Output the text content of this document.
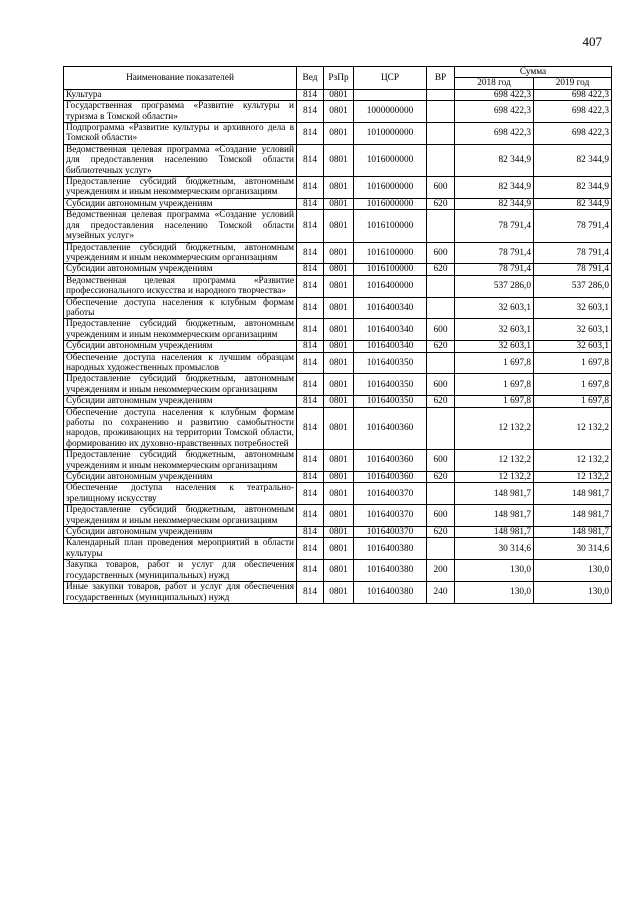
407
Наименование показателей	Вед	РзПр	ЦСР	ВР	Сумма	
					2018 год	2019 год
Культура	814	0801			698 422,3	698 422,3
Государственная программа «Развитие культуры и туризма в Томской области»	814	0801	1000000000		698 422,3	698 422,3
Подпрограмма «Развитие культуры и архивного дела в Томской области»	814	0801	1010000000		698 422,3	698 422,3
Ведомственная целевая программа «Создание условий для предоставления населению Томской области библиотечных услуг»	814	0801	1016000000		82 344,9	82 344,9
Предоставление субсидий бюджетным, автономным учреждениям и иным некоммерческим организациям	814	0801	1016000000	600	82 344,9	82 344,9
Субсидии автономным учреждениям	814	0801	1016000000	620	82 344,9	82 344,9
Ведомственная целевая программа «Создание условий для предоставления населению Томской области музейных услуг»	814	0801	1016100000		78 791,4	78 791,4
Предоставление субсидий бюджетным, автономным учреждениям и иным некоммерческим организациям	814	0801	1016100000	600	78 791,4	78 791,4
Субсидии автономным учреждениям	814	0801	1016100000	620	78 791,4	78 791,4
Ведомственная целевая программа «Развитие профессионального искусства и народного творчества»	814	0801	1016400000		537 286,0	537 286,0
Обеспечение доступа населения к клубным формам работы	814	0801	1016400340		32 603,1	32 603,1
Предоставление субсидий бюджетным, автономным учреждениям и иным некоммерческим организациям	814	0801	1016400340	600	32 603,1	32 603,1
Субсидии автономным учреждениям	814	0801	1016400340	620	32 603,1	32 603,1
Обеспечение доступа населения к лучшим образцам народных художественных промыслов	814	0801	1016400350		1 697,8	1 697,8
Предоставление субсидий бюджетным, автономным учреждениям и иным некоммерческим организациям	814	0801	1016400350	600	1 697,8	1 697,8
Субсидии автономным учреждениям	814	0801	1016400350	620	1 697,8	1 697,8
Обеспечение доступа населения к клубным формам работы по сохранению и развитию самобытности народов, проживающих на территории Томской области, формированию их духовно-нравственных потребностей	814	0801	1016400360		12 132,2	12 132,2
Предоставление субсидий бюджетным, автономным учреждениям и иным некоммерческим организациям	814	0801	1016400360	600	12 132,2	12 132,2
Субсидии автономным учреждениям	814	0801	1016400360	620	12 132,2	12 132,2
Обеспечение доступа населения к театрально-зрелищному искусству	814	0801	1016400370		148 981,7	148 981,7
Предоставление субсидий бюджетным, автономным учреждениям и иным некоммерческим организациям	814	0801	1016400370	600	148 981,7	148 981,7
Субсидии автономным учреждениям	814	0801	1016400370	620	148 981,7	148 981,7
Календарный план проведения мероприятий в области культуры	814	0801	1016400380		30 314,6	30 314,6
Закупка товаров, работ и услуг для обеспечения государственных (муниципальных) нужд	814	0801	1016400380	200	130,0	130,0
Иные закупки товаров, работ и услуг для обеспечения государственных (муниципальных) нужд	814	0801	1016400380	240	130,0	130,0
